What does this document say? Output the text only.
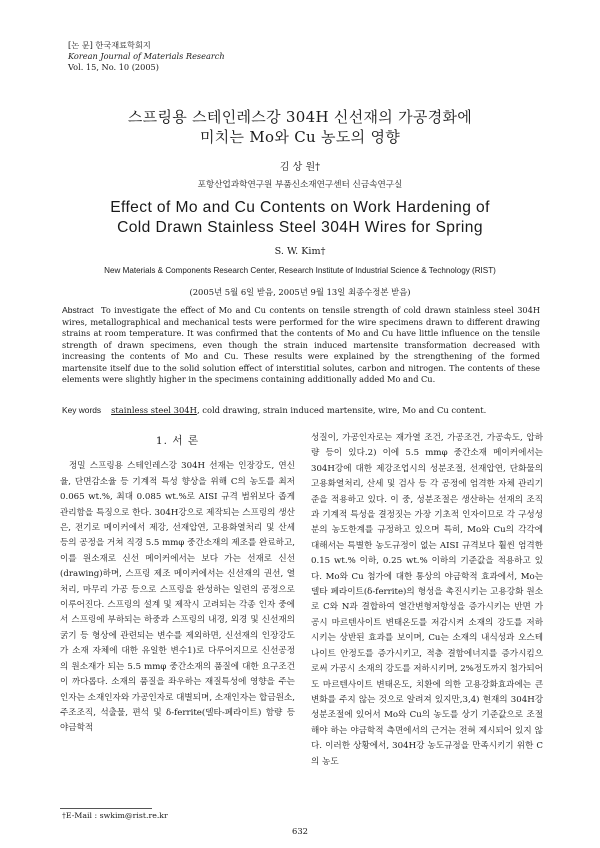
[논 문] 한국재료학회지
Korean Journal of Materials Research
Vol. 15, No. 10 (2005)
스프링용 스테인레스강 304H 신선재의 가공경화에
미치는 Mo와 Cu 농도의 영향
김 상 원†
포항산업과학연구원 부품신소재연구센터 신금속연구실
Effect of Mo and Cu Contents on Work Hardening of
Cold Drawn Stainless Steel 304H Wires for Spring
S. W. Kim†
New Materials & Components Research Center, Research Institute of Industrial Science & Technology (RIST)
(2005년 5월 6일 받음, 2005년 9월 13일 최종수정본 받음)
Abstract To investigate the effect of Mo and Cu contents on tensile strength of cold drawn stainless steel 304H wires, metallographical and mechanical tests were performed for the wire specimens drawn to different drawing strains at room temperature. It was confirmed that the contents of Mo and Cu have little influence on the tensile strength of drawn specimens, even though the strain induced martensite transformation decreased with increasing the contents of Mo and Cu. These results were explained by the strengthening of the formed martensite itself due to the solid solution effect of interstitial solutes, carbon and nitrogen. The contents of these elements were slightly higher in the specimens containing additionally added Mo and Cu.
Key words stainless steel 304H, cold drawing, strain induced martensite, wire, Mo and Cu content.
1. 서 론

정밀 스프링용 스테인레스강 304H 선재는 인장강도, 연신율, 단면감소율 등 기계적 특성 향상을 위해 C의 농도를 최저 0.065 wt.%, 최대 0.085 wt.%로 AISI 규격 범위보다 좁게 관리함을 특징으로 한다. 304H강으로 제작되는 스프링의 생산은, 전기로 메이커에서 제강, 선재압연, 고용화열처리 및 산세 등의 공정을 거쳐 직경 5.5 mmφ 중간소재의 제조를 완료하고, 이를 원소재로 신선 메이커에서는 보다 가는 선재로 신선(drawing)하며, 스프링 제조 메이커에서는 신선재의 권선, 열처리, 마무리 가공 등으로 스프링을 완성하는 일련의 공정으로 이루어진다. 스프링의 설계 및 제작시 고려되는 각종 인자 중에서 스프링에 부하되는 하중과 스프링의 내경, 외경 및 신선재의 굵기 등 형상에 관련되는 변수를 제외하면, 신선재의 인장강도가 소재 자체에 대한 유일한 변수1)로 다루어지므로 신선공정의 원소재가 되는 5.5 mmφ 중간소재의 품질에 대한 요구조건이 까다롭다. 소재의 품질을 좌우하는 재질특성에 영향을 주는 인자는 소재인자와 가공인자로 대별되며, 소재인자는 합금원소, 주조조직, 석출물, 편석 및 δ-ferrite(델타-페라이트) 함량 등 야금학적

성질이, 가공인자로는 재가열 조건, 가공조건, 가공속도, 압하량 등이 있다.2) 이에 5.5 mmφ 중간소재 메이커에서는 304H강에 대한 제강조업시의 성분조절, 선재압연, 단화물의 고용화열처리, 산세 및 검사 등 각 공정에 엄격한 자체 관리기준을 적용하고 있다. 이 중, 성분조절은 생산하는 선재의 조직과 기계적 특성을 결정짓는 가장 기초적 인자이므로 각 구성성분의 농도한계를 규정하고 있으며 특히, Mo와 Cu의 각각에 대해서는 특별한 농도규정이 없는 AISI 규격보다 훨씬 엄격한 0.15 wt.% 이하, 0.25 wt.% 이하의 기준값을 적용하고 있다. Mo와 Cu 첨가에 대한 통상의 야금학적 효과에서, Mo는 델타 페라이트(δ-ferrite)의 형성을 촉진시키는 고용강화 원소로 C와 N과 결합하여 열간변형저항성을 증가시키는 반면 가공시 마르텐사이트 변태온도를 저감시켜 소재의 강도를 저하시키는 상반된 효과를 보이며, Cu는 소재의 내식성과 오스테나이트 안정도를 증가시키고, 적층 결함에너지를 증가시킴으로써 가공시 소재의 강도를 저하시키며, 2%정도까지 첨가되어도 마르텐사이트 변태온도, 치환에 의한 고용강화효과에는 큰 변화를 주지 않는 것으로 알려져 있지만,3,4) 현재의 304H강 성분조절에 있어서 Mo와 Cu의 농도를 상기 기준값으로 조절해야 하는 야금학적 측면에서의 근거는 전혀 제시되어 있지 않다. 이러한 상황에서, 304H강 농도규정을 만족시키기 위한 C의 농도

†E-Mail : swkim@rist.re.kr
632
